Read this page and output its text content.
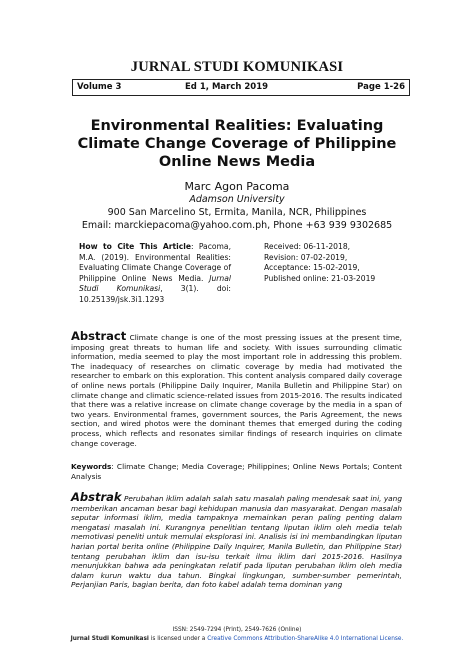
JURNAL STUDI KOMUNIKASI
Volume 3	Ed 1, March 2019	Page 1-26
Environmental Realities: Evaluating
Climate Change Coverage of Philippine
Online News Media
Marc Agon Pacoma
Adamson University
900 San Marcelino St, Ermita, Manila, NCR, Philippines
Email: marckiepacoma@yahoo.com.ph, Phone +63 939 9302685
How to Cite This Article: Pacoma, M.A. (2019). Environmental Realities: Evaluating Climate Change Coverage of Philippine Online News Media. Jurnal Studi Komunikasi, 3(1). doi: 10.25139/jsk.3i1.1293
Received: 06-11-2018,
Revision: 07-02-2019,
Acceptance: 15-02-2019,
Published online: 21-03-2019
Abstract Climate change is one of the most pressing issues at the present time, imposing great threats to human life and society. With issues surrounding climatic information, media seemed to play the most important role in addressing this problem. The inadequacy of researches on climatic coverage by media had motivated the researcher to embark on this exploration. This content analysis compared daily coverage of online news portals (Philippine Daily Inquirer, Manila Bulletin and Philippine Star) on climate change and climatic science-related issues from 2015-2016. The results indicated that there was a relative increase on climate change coverage by the media in a span of two years. Environmental frames, government sources, the Paris Agreement, the news section, and wired photos were the dominant themes that emerged during the coding process, which reflects and resonates similar findings of research inquiries on climate change coverage.
Keywords: Climate Change; Media Coverage; Philippines; Online News Portals; Content Analysis
Abstrak Perubahan iklim adalah salah satu masalah paling mendesak saat ini, yang memberikan ancaman besar bagi kehidupan manusia dan masyarakat. Dengan masalah seputar informasi iklim, media tampaknya memainkan peran paling penting dalam mengatasi masalah ini. Kurangnya penelitian tentang liputan iklim oleh media telah memotivasi peneliti untuk memulai eksplorasi ini. Analisis isi ini membandingkan liputan harian portal berita online (Philippine Daily Inquirer, Manila Bulletin, dan Philippine Star) tentang perubahan iklim dan isu-isu terkait ilmu iklim dari 2015-2016. Hasilnya menunjukkan bahwa ada peningkatan relatif pada liputan perubahan iklim oleh media dalam kurun waktu dua tahun. Bingkai lingkungan, sumber-sumber pemerintah, Perjanjian Paris, bagian berita, dan foto kabel adalah tema dominan yang
ISSN: 2549-7294 (Print), 2549-7626 (Online)
Jurnal Studi Komunikasi is licensed under a Creative Commons Attribution-ShareAlike 4.0 International License.
